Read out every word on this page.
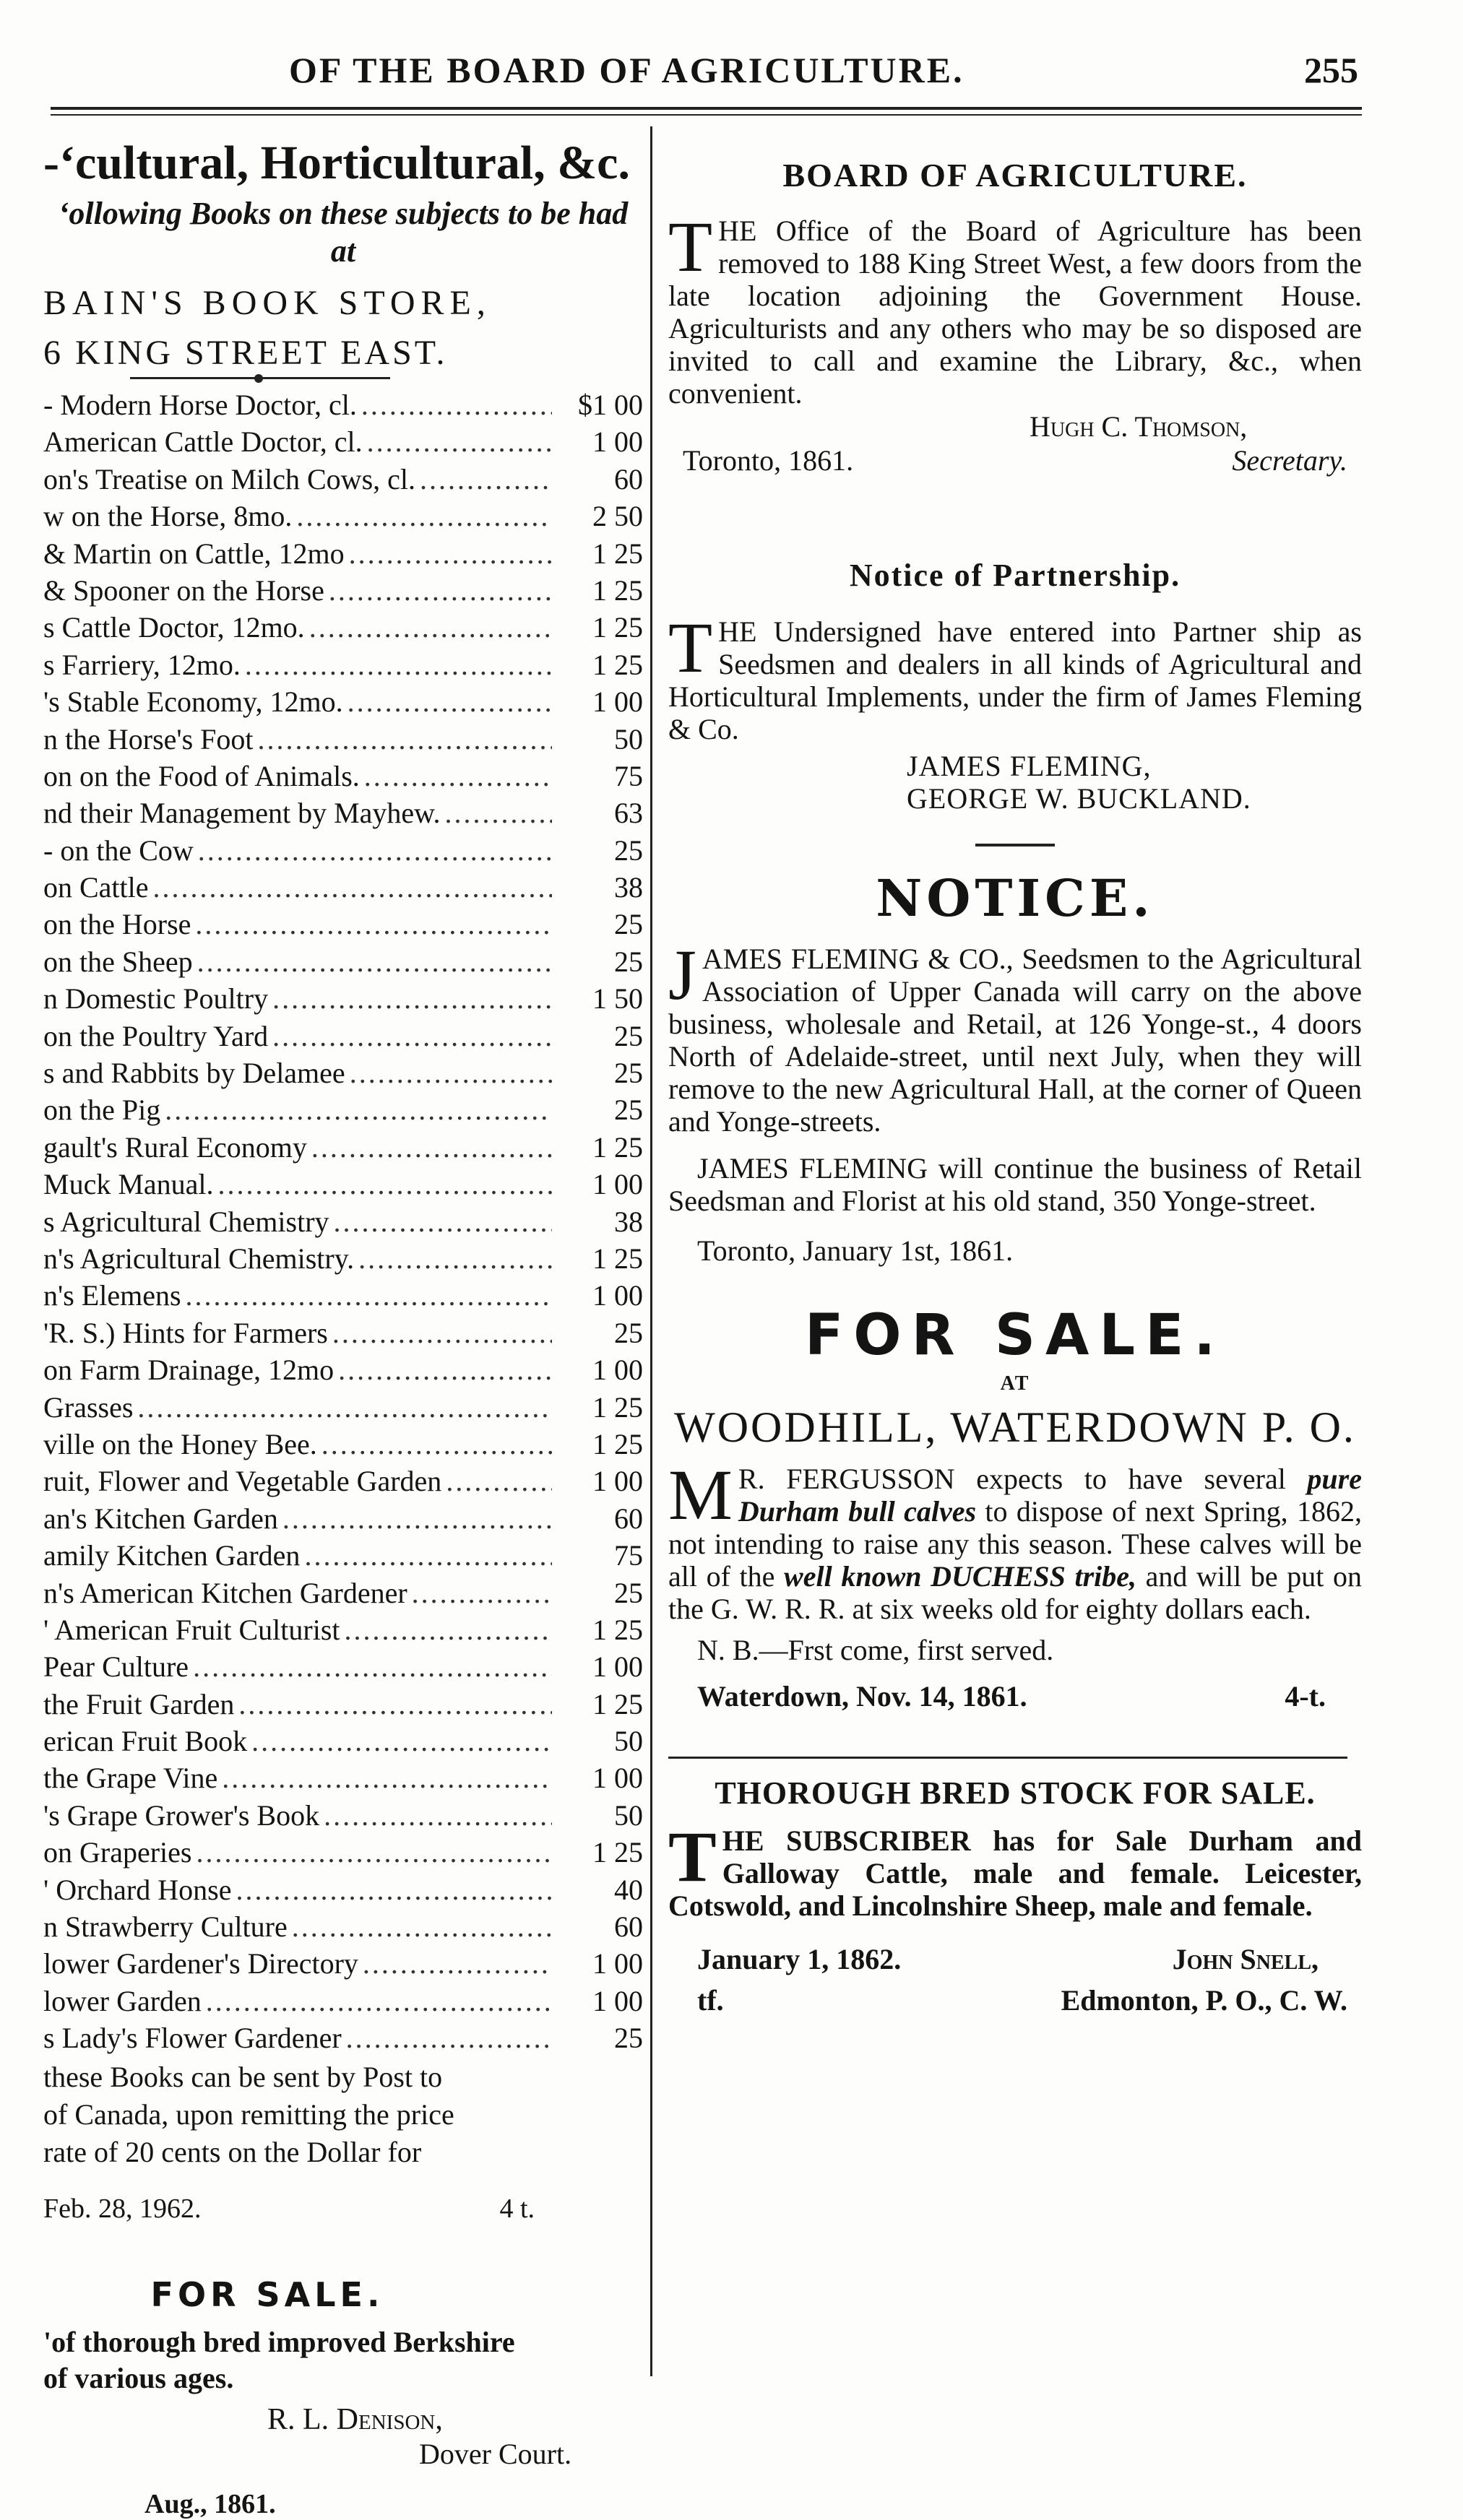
OF THE BOARD OF AGRICULTURE.	255
-‘cultural, Horticultural, &c.
‘ollowing Books on these subjects to be had at
BAIN'S BOOK STORE,
6 KING STREET EAST.
- Modern Horse Doctor, cl. .....	$1 00
American Cattle Doctor, cl. .....	1 00
on's Treatise on Milch Cows, cl. .....	60
w on the Horse, 8mo. .....	2 50
& Martin on Cattle, 12mo .....	1 25
& Spooner on the Horse .....	1 25
s Cattle Doctor, 12mo. .....	1 25
s Farriery, 12mo. .....	1 25
's Stable Economy, 12mo. .....	1 00
n the Horse's Foot .....	50
on on the Food of Animals. .....	75
nd their Management by Mayhew. .....	63
- on the Cow .....	25
on Cattle .....	38
on the Horse .....	25
on the Sheep .....	25
n Domestic Poultry .....	1 50
on the Poultry Yard .....	25
s and Rabbits by Delamee .....	25
on the Pig .....	25
gault's Rural Economy .....	1 25
Muck Manual. .....	1 00
s Agricultural Chemistry .....	38
n's Agricultural Chemistry. .....	1 25
n's Elemens .....	1 00
'R. S.) Hints for Farmers .....	25
on Farm Drainage, 12mo .....	1 00
Grasses .....	1 25
ville on the Honey Bee. .....	1 25
ruit, Flower and Vegetable Garden .....	1 00
an's Kitchen Garden .....	60
amily Kitchen Garden .....	75
n's American Kitchen Gardener .....	25
' American Fruit Culturist .....	1 25
Pear Culture .....	1 00
the Fruit Garden .....	1 25
erican Fruit Book .....	50
the Grape Vine .....	1 00
's Grape Grower's Book .....	50
on Graperies .....	1 25
' Orchard Honse .....	40
n Strawberry Culture .....	60
lower Gardener's Directory .....	1 00
lower Garden .....	1 00
s Lady's Flower Gardener .....	25
these Books can be sent by Post to
of Canada, upon remitting the price
rate of 20 cents on the Dollar for
Feb. 28, 1962.	4 t.
FOR SALE.
'of thorough bred improved Berkshire
of various ages.
R. L. Denison,
Dover Court.
Aug., 1861.
BOARD OF AGRICULTURE.
THE Office of the Board of Agriculture has been removed to 188 King Street West, a few doors from the late location adjoining the Government House. Agriculturists and any others who may be so disposed are invited to call and examine the Library, &c., when convenient.
Hugh C. Thomson,
Toronto, 1861.	Secretary.
Notice of Partnership.
THE Undersigned have entered into Partner ship as Seedsmen and dealers in all kinds of Agricultural and Horticultural Implements, under the firm of James Fleming & Co.
JAMES FLEMING,
GEORGE W. BUCKLAND.
NOTICE.
JAMES FLEMING & CO., Seedsmen to the Agricultural Association of Upper Canada will carry on the above business, wholesale and Retail, at 126 Yonge-st., 4 doors North of Adelaide-street, until next July, when they will remove to the new Agricultural Hall, at the corner of Queen and Yonge-streets.
JAMES FLEMING will continue the business of Retail Seedsman and Florist at his old stand, 350 Yonge-street.
Toronto, January 1st, 1861.
FOR SALE.
AT
WOODHILL, WATERDOWN P. O.
M R. FERGUSSON expects to have several pure Durham bull calves to dispose of next Spring, 1862, not intending to raise any this season. These calves will be all of the well known DUCHESS tribe, and will be put on the G. W. R. R. at six weeks old for eighty dollars each.
N. B.—Frst come, first served.
Waterdown, Nov. 14, 1861.	4-t.
THOROUGH BRED STOCK FOR SALE.
THE SUBSCRIBER has for Sale Durham and Galloway Cattle, male and female. Leicester, Cotswold, and Lincolnshire Sheep, male and female.
January 1, 1862.	John Snell,
tf.	Edmonton, P. O., C. W.
